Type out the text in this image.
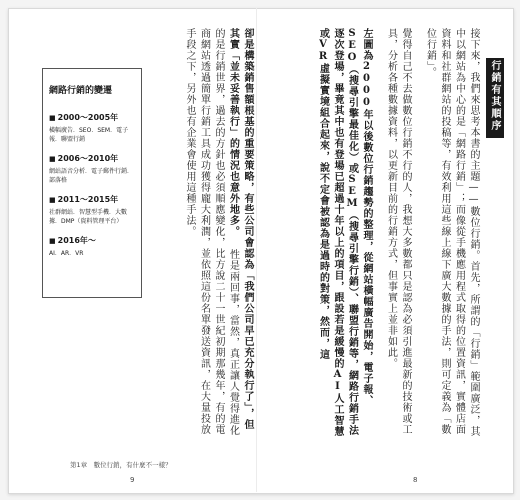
網路行銷的變遷
■ 2000～2005年
橫幅廣告．SEO．SEM．電子報．聯盟行銷
■ 2006～2010年
網站語音分析．電子郵件行銷．部落格
■ 2011～2015年
社群網站．智慧型手機．大數據．DMP（資料管理平台）
■ 2016年～
AI．AR．VR	卻是構築銷售額根基的重要策略，有些公司會認為「我們公司早已充分執行了」，但其實「並未妥善執行」的情況也意外地多。 性是兩回事，當然，真正讓人覺得進化的是行銷世界，過去的方針也必須順應變化，比方說二十一世紀初期那幾年，有的電商網站透過簡單行銷工具成功獲得龐大利潤，並依照這份名單發送資訊，在大量投放手段之下，另外也有企業會使用這種手法。
第1章　數位行銷，有什麼不一樣？
9
行銷有其順序

接下來，我們來思考本書的主題——數位行銷。首先，所謂的「行銷」範圍廣泛，其中以網站為中心的是「網路行銷」；而像從手機應用程式取得的位置資訊，實體店面資料和社群網站的投稿等，有效利用這些線上線下廣大數據的手法，則可定義為「數位行銷」。

覺得自己不去做數位行銷不行的人，我想大多數都只是認為必須引進最新的技術或工具，分析各種數據資料，以更新目前的行銷方式，但事實上並非如此。

左圖為2000年以後數位行銷趨勢的整理，從網站橫幅廣告開始，電子報、SEO（搜尋引擎最佳化）或SEM（搜尋引擎行銷）、聯盟行銷等，網路行銷手法逐次登場，畢竟其中也有登場已超過十年以上的項目，跟設若是緩慢的AI人工智慧或VR虛擬實境組合起來，說不定會被認為是過時的對策，然而，這

8
